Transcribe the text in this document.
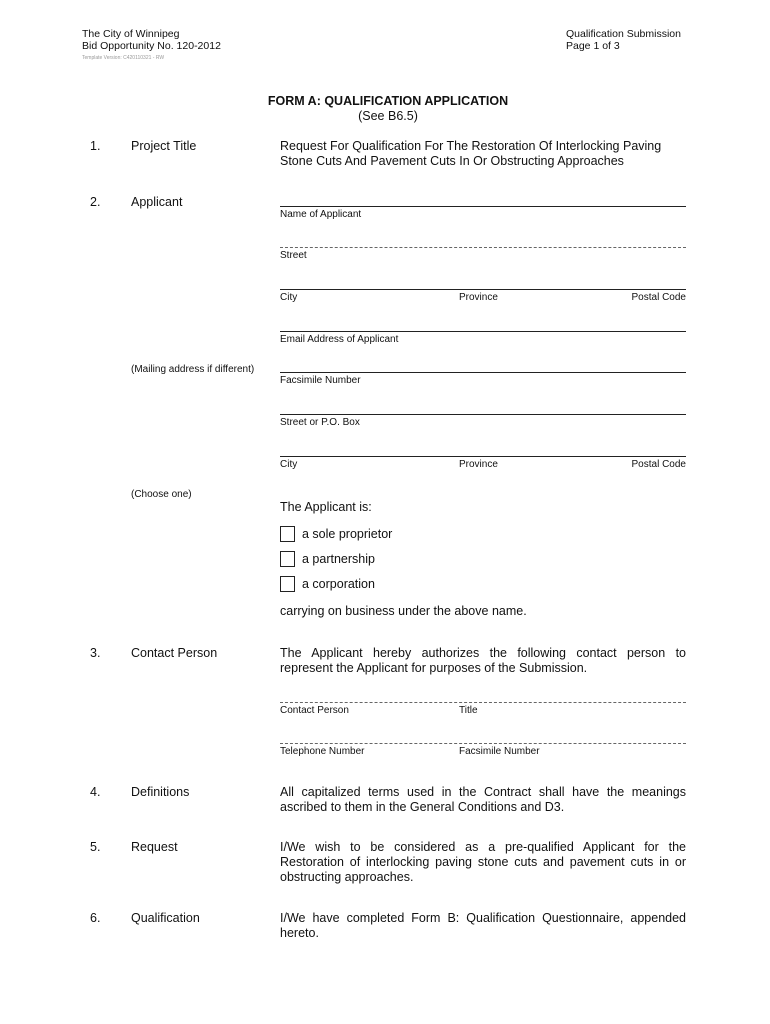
The City of Winnipeg
Bid Opportunity No. 120-2012
Template Version: C420110321 - RW
Qualification Submission
Page 1 of 3
FORM A: QUALIFICATION APPLICATION
(See B6.5)
1. Project Title	Request For Qualification For The Restoration Of Interlocking Paving
Stone Cuts And Pavement Cuts In Or Obstructing Approaches
2. Applicant
Name of Applicant
Street
City	Province	Postal Code
Email Address of Applicant
(Mailing address if different)
Facsimile Number
Street or P.O. Box
City	Province	Postal Code
(Choose one)
The Applicant is:
a sole proprietor
a partnership
a corporation
carrying on business under the above name.
3. Contact Person	The Applicant hereby authorizes the following contact person to
represent the Applicant for purposes of the Submission.
Contact Person	Title
Telephone Number	Facsimile Number
4. Definitions	All capitalized terms used in the Contract shall have the meanings
ascribed to them in the General Conditions and D3.
5. Request	I/We wish to be considered as a pre-qualified Applicant for the
Restoration of interlocking paving stone cuts and pavement cuts in or
obstructing approaches.
6. Qualification	I/We have completed Form B: Qualification Questionnaire, appended
hereto.
